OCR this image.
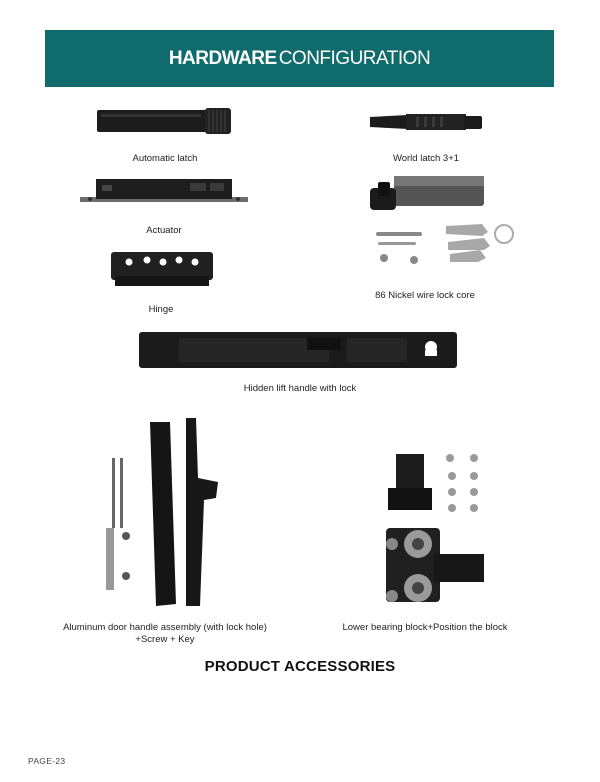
HARDWARE CONFIGURATION
Automatic latch	World latch 3+1
Actuator
86 Nickel wire lock core
Hinge
Hidden lift handle with lock
Aluminum door handle assembly (with lock hole)
+Screw + Key
Lower bearing block+Position the block
PRODUCT ACCESSORIES
PAGE-23
